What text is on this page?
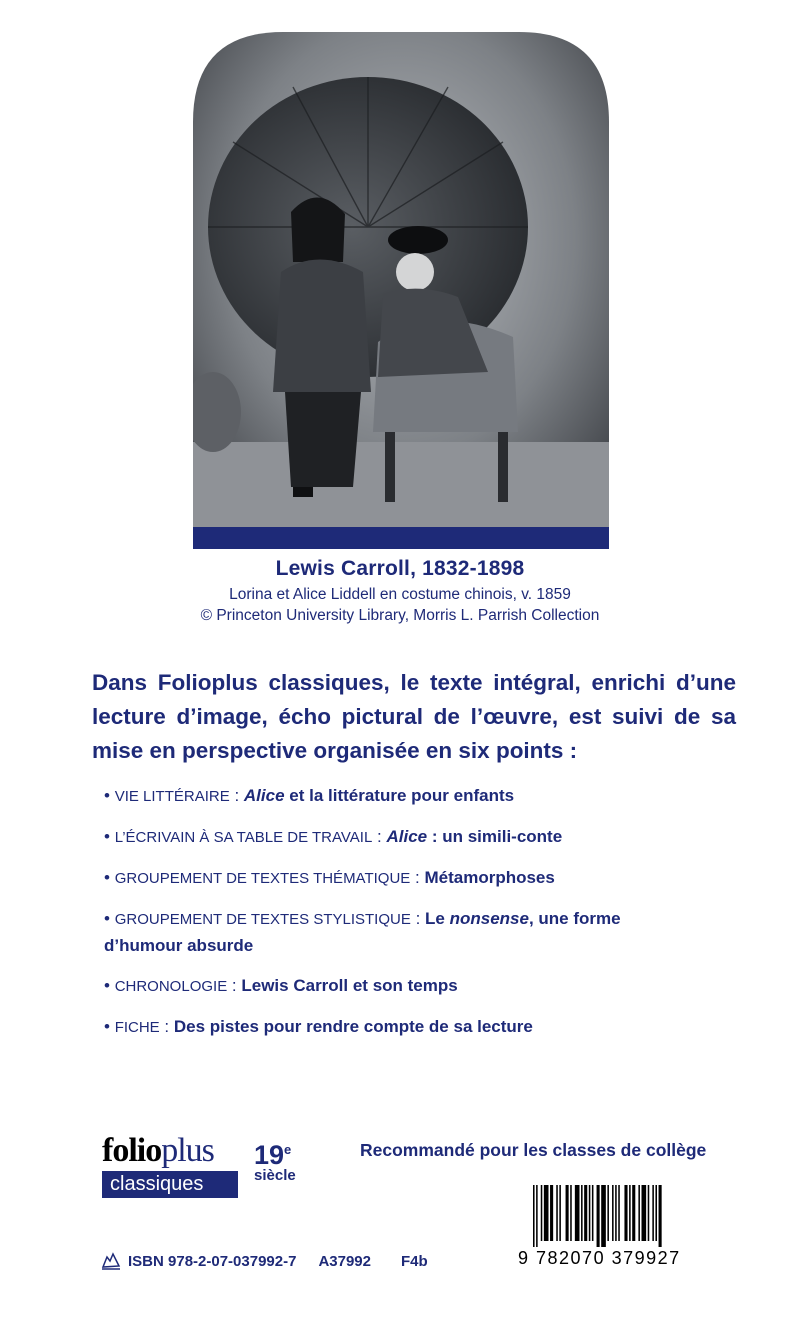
Lewis Carroll, 1832-1898
Lorina et Alice Liddell en costume chinois, v. 1859
© Princeton University Library, Morris L. Parrish Collection

Dans Folioplus classiques, le texte intégral, enrichi d’une lecture d’image, écho pictural de l’œuvre, est suivi de sa mise en perspective organisée en six points :

• VIE LITTÉRAIRE : Alice et la littérature pour enfants
• L’ÉCRIVAIN À SA TABLE DE TRAVAIL : Alice : un simili-conte
• GROUPEMENT DE TEXTES THÉMATIQUE : Métamorphoses
• GROUPEMENT DE TEXTES STYLISTIQUE : Le nonsense, une forme d’humour absurde
• CHRONOLOGIE : Lewis Carroll et son temps
• FICHE : Des pistes pour rendre compte de sa lecture
folioplus
classiques
19e
siècle
Recommandé pour les classes de collège
9 782070 379927
ISBN 978-2-07-037992-7 A37992 F4b
